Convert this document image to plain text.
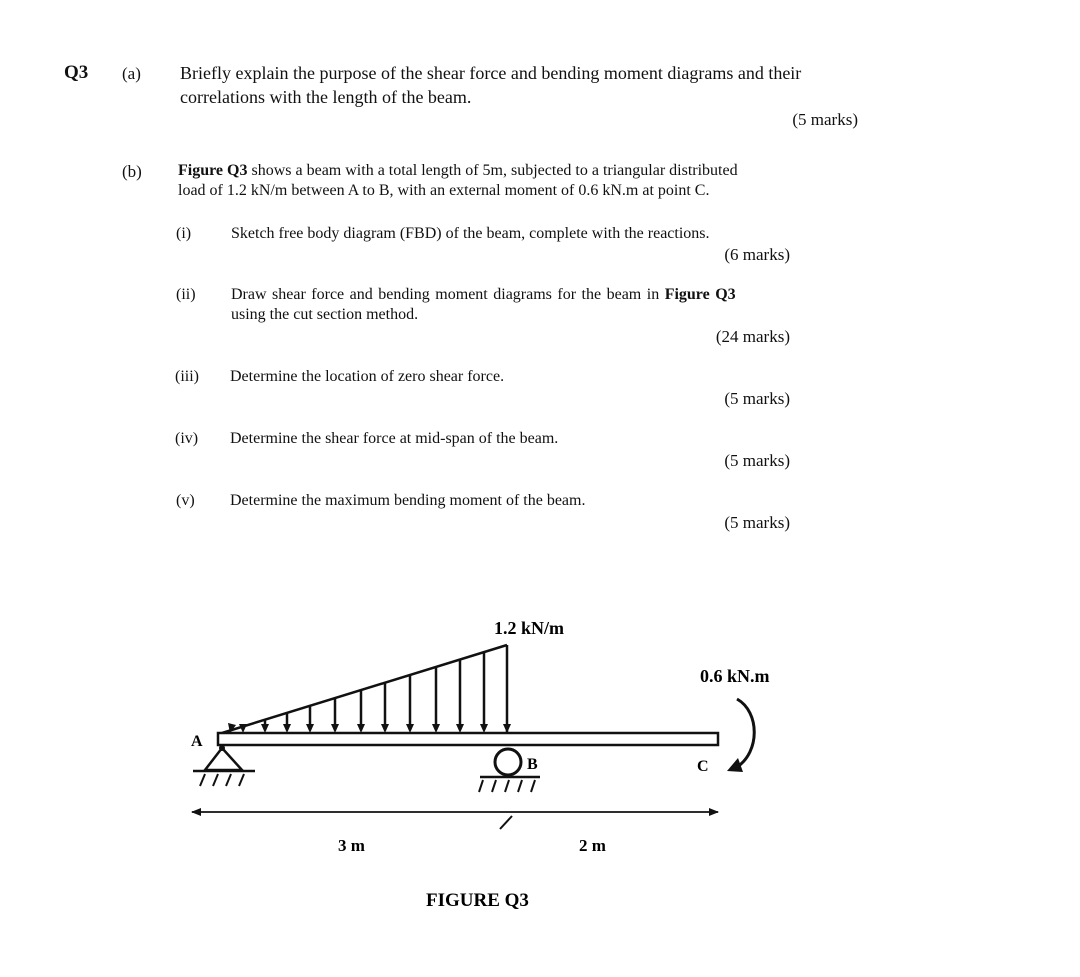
Q3 (a) Briefly explain the purpose of the shear force and bending moment diagrams and their
correlations with the length of the beam.
(5 marks)
(b) Figure Q3 shows a beam with a total length of 5m, subjected to a triangular distributed
load of 1.2 kN/m between A to B, with an external moment of 0.6 kN.m at point C.
(i) Sketch free body diagram (FBD) of the beam, complete with the reactions.
(6 marks)
(ii) Draw shear force and bending moment diagrams for the beam in Figure Q3
using the cut section method.
(24 marks)
(iii) Determine the location of zero shear force.
(5 marks)
(iv) Determine the shear force at mid-span of the beam.
(5 marks)
(v) Determine the maximum bending moment of the beam.
(5 marks)
1.2 kN/m
0.6 kN.m
A
B	C
3 m	2 m
FIGURE Q3
